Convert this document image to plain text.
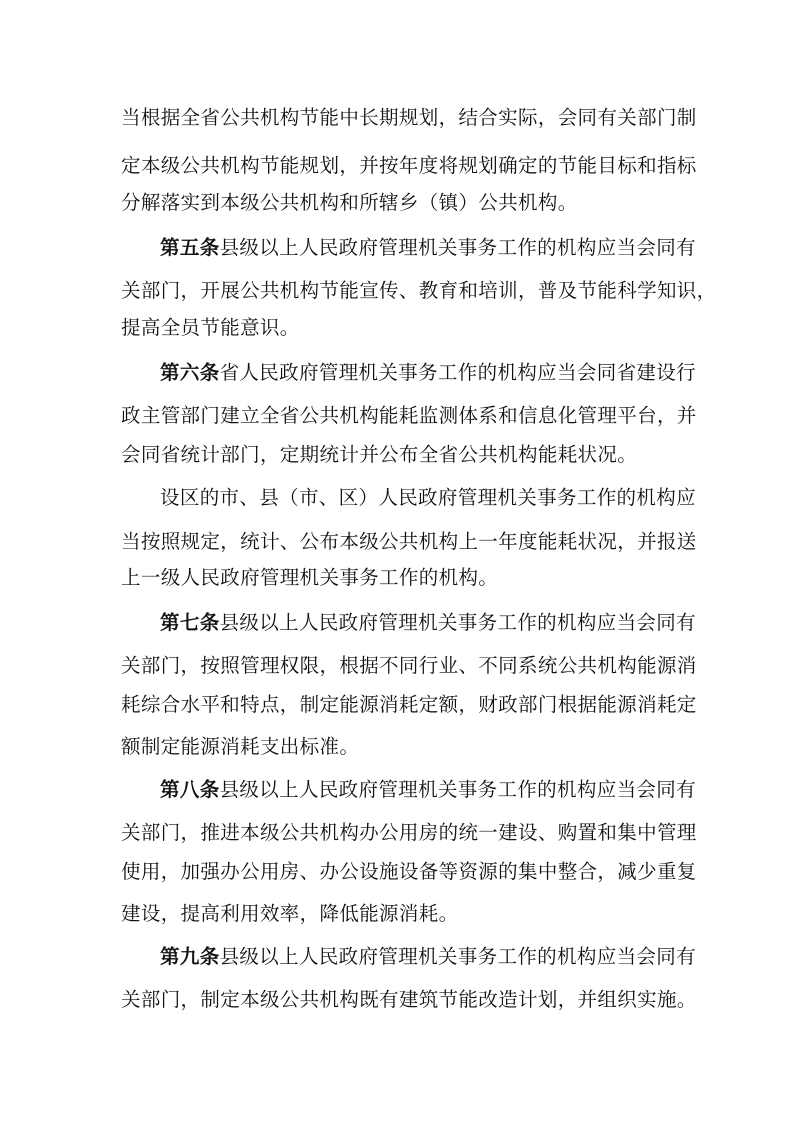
当根据全省公共机构节能中长期规划，结合实际，会同有关部门制
定本级公共机构节能规划，并按年度将规划确定的节能目标和指标
分解落实到本级公共机构和所辖乡（镇）公共机构。
第五条县级以上人民政府管理机关事务工作的机构应当会同有
关部门，开展公共机构节能宣传、教育和培训，普及节能科学知识，
提高全员节能意识。
第六条省人民政府管理机关事务工作的机构应当会同省建设行
政主管部门建立全省公共机构能耗监测体系和信息化管理平台，并
会同省统计部门，定期统计并公布全省公共机构能耗状况。
设区的市、县（市、区）人民政府管理机关事务工作的机构应
当按照规定，统计、公布本级公共机构上一年度能耗状况，并报送
上一级人民政府管理机关事务工作的机构。
第七条县级以上人民政府管理机关事务工作的机构应当会同有
关部门，按照管理权限，根据不同行业、不同系统公共机构能源消
耗综合水平和特点，制定能源消耗定额，财政部门根据能源消耗定
额制定能源消耗支出标准。
第八条县级以上人民政府管理机关事务工作的机构应当会同有
关部门，推进本级公共机构办公用房的统一建设、购置和集中管理
使用，加强办公用房、办公设施设备等资源的集中整合，减少重复
建设，提高利用效率，降低能源消耗。
第九条县级以上人民政府管理机关事务工作的机构应当会同有
关部门，制定本级公共机构既有建筑节能改造计划，并组织实施。
